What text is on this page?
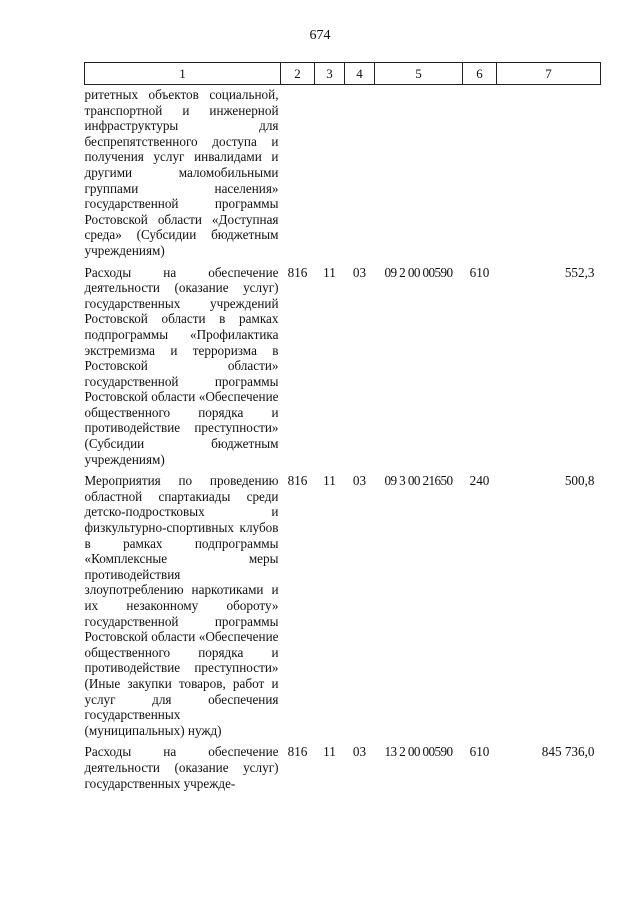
674
1	2	3	4	5	6	7
ритетных объектов социальной, транспортной и инженерной инфраструктуры для беспрепятственного доступа и получения услуг инвалидами и другими маломобильными группами населения» государственной программы Ростовской области «Доступная среда» (Субсидии бюджетным учреждениям)						

Расходы на обеспечение деятельности (оказание услуг) государственных учреждений Ростовской области в рамках подпрограммы «Профилактика экстремизма и терроризма в Ростовской области» государственной программы Ростовской области «Обеспечение общественного порядка и противодействие преступности» (Субсидии бюджетным учреждениям)	816	11	03	09 2 00 00590	610	552,3

Мероприятия по проведению областной спартакиады среди детско-подростковых и физкультурно-спортивных клубов в рамках подпрограммы «Комплексные меры противодействия злоупотреблению наркотиками и их незаконному обороту» государственной программы Ростовской области «Обеспечение общественного порядка и противодействие преступности» (Иные закупки товаров, работ и услуг для обеспечения государственных (муниципальных) нужд)	816	11	03	09 3 00 21650	240	500,8

Расходы на обеспечение деятельности (оказание услуг) государственных учрежде-	816	11	03	13 2 00 00590	610	845 736,0
